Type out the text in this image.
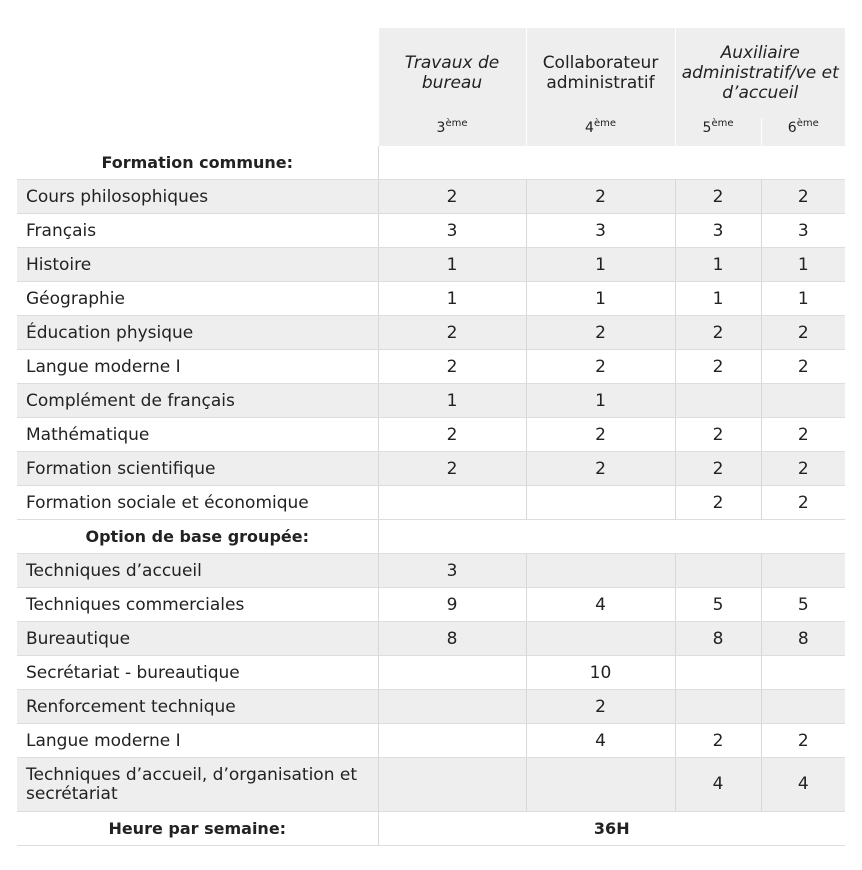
	Travaux de bureau	Collaborateur administratif	Auxiliaire administratif/ve et d’accueil	
	3ème	4ème	5ème	6ème
Formation commune:				
Cours philosophiques	2	2	2	2
Français	3	3	3	3
Histoire	1	1	1	1
Géographie	1	1	1	1
Éducation physique	2	2	2	2
Langue moderne I	2	2	2	2
Complément de français	1	1		
Mathématique	2	2	2	2
Formation scientifique	2	2	2	2
Formation sociale et économique			2	2
Option de base groupée:				
Techniques d’accueil	3			
Techniques commerciales	9	4	5	5
Bureautique	8		8	8
Secrétariat - bureautique		10		
Renforcement technique		2		
Langue moderne I		4	2	2
Techniques d’accueil, d’organisation et secrétariat			4	4
Heure par semaine:	36H			
